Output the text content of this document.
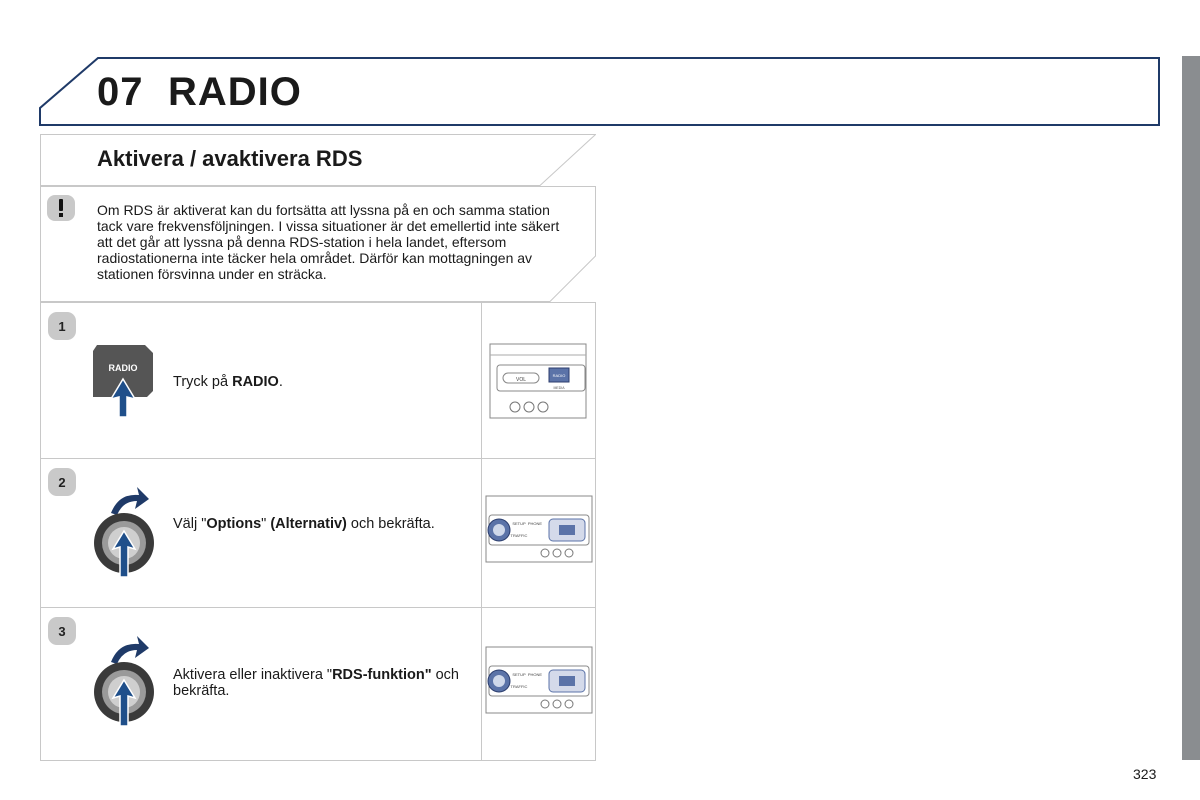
07 RADIO
Aktivera / avaktivera RDS
Om RDS är aktiverat kan du fortsätta att lyssna på en och samma station tack vare frekvensföljningen. I vissa situationer är det emellertid inte säkert att det går att lyssna på denna RDS-station i hela landet, eftersom radiostationerna inte täcker hela området. Därför kan mottagningen av stationen försvinna under en sträcka.
1
RADIO
Tryck på RADIO.	VOL
RADIO
MEDIA
2
Välj "Options" (Alternativ) och bekräfta.	SETUP
TRAFFIC
PHONE
3
Aktivera eller inaktivera "RDS-funktion" och bekräfta.
SETUP
TRAFFIC
PHONE
323
